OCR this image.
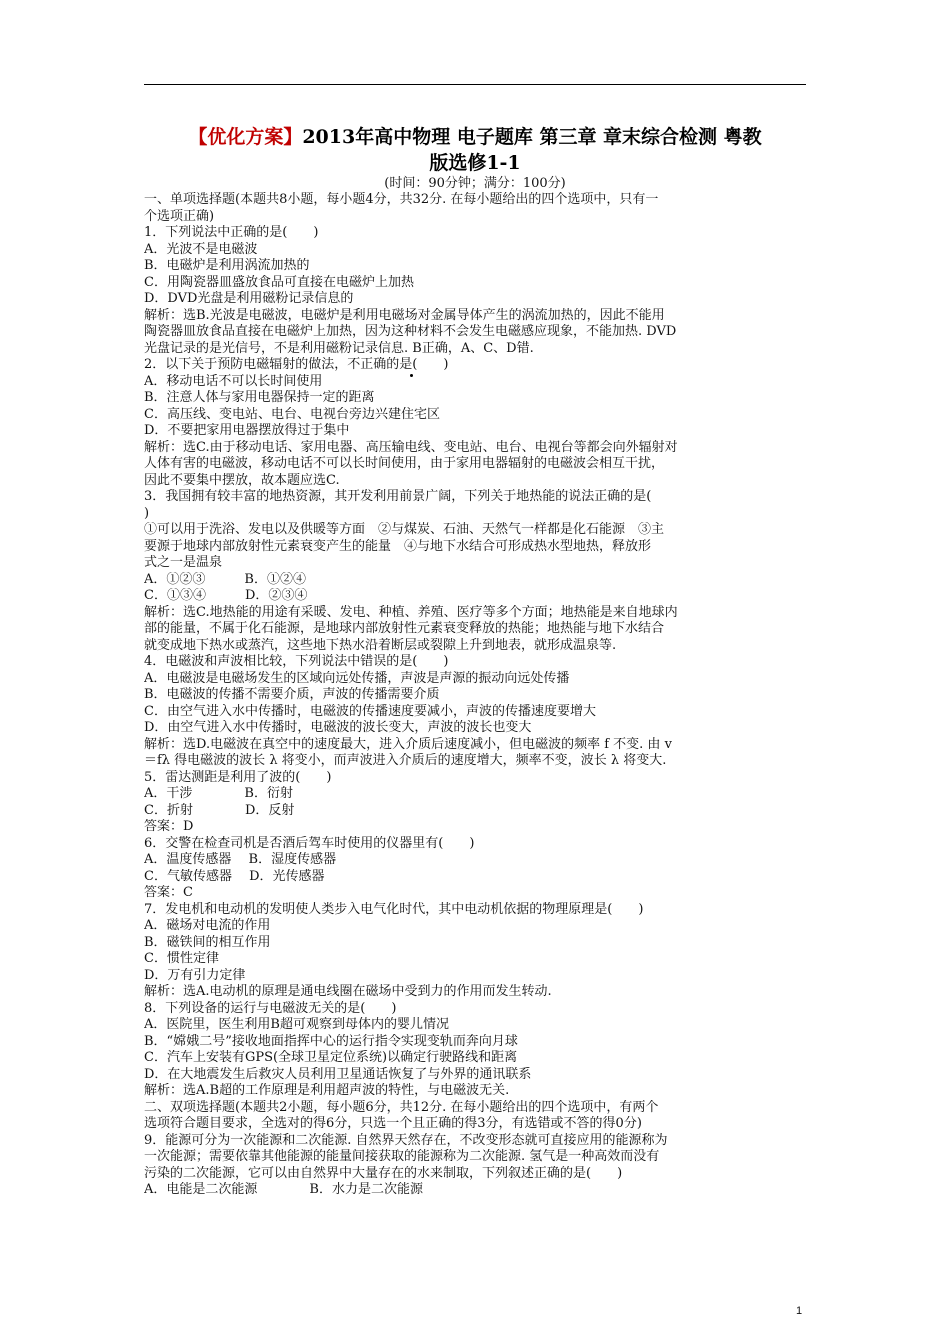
【优化方案】2013年高中物理 电子题库 第三章 章末综合检测 粤教
版选修1-1
(时间：90分钟；满分：100分)
一、单项选择题(本题共8小题，每小题4分，共32分. 在每小题给出的四个选项中，只有一
个选项正确)
1．下列说法中正确的是(　　)
A．光波不是电磁波
B．电磁炉是利用涡流加热的
C．用陶瓷器皿盛放食品可直接在电磁炉上加热
D．DVD光盘是利用磁粉记录信息的
解析：选B.光波是电磁波，电磁炉是利用电磁场对金属导体产生的涡流加热的，因此不能用
陶瓷器皿放食品直接在电磁炉上加热，因为这种材料不会发生电磁感应现象，不能加热. DVD
光盘记录的是光信号，不是利用磁粉记录信息. B正确，A、C、D错.
2．以下关于预防电磁辐射的做法，不正确的是(　　)
A．移动电话不可以长时间使用
B．注意人体与家用电器保持一定的距离
C．高压线、变电站、电台、电视台旁边兴建住宅区
D．不要把家用电器摆放得过于集中
解析：选C.由于移动电话、家用电器、高压输电线、变电站、电台、电视台等都会向外辐射对
人体有害的电磁波，移动电话不可以长时间使用，由于家用电器辐射的电磁波会相互干扰，
因此不要集中摆放，故本题应选C.
3．我国拥有较丰富的地热资源，其开发利用前景广阔，下列关于地热能的说法正确的是(
)
①可以用于洗浴、发电以及供暖等方面　②与煤炭、石油、天然气一样都是化石能源　③主
要源于地球内部放射性元素衰变产生的能量　④与地下水结合可形成热水型地热，释放形
式之一是温泉
A．①②③　　　B．①②④
C．①③④　　　D．②③④
解析：选C.地热能的用途有采暖、发电、种植、养殖、医疗等多个方面；地热能是来自地球内
部的能量，不属于化石能源，是地球内部放射性元素衰变释放的热能；地热能与地下水结合
就变成地下热水或蒸汽，这些地下热水沿着断层或裂隙上升到地表，就形成温泉等.
4．电磁波和声波相比较，下列说法中错误的是(　　)
A．电磁波是电磁场发生的区域向远处传播，声波是声源的振动向远处传播
B．电磁波的传播不需要介质，声波的传播需要介质
C．由空气进入水中传播时，电磁波的传播速度要减小，声波的传播速度要增大
D．由空气进入水中传播时，电磁波的波长变大，声波的波长也变大
解析：选D.电磁波在真空中的速度最大，进入介质后速度减小，但电磁波的频率 f 不变. 由 v
＝fλ 得电磁波的波长 λ 将变小，而声波进入介质后的速度增大，频率不变，波长 λ 将变大.
5．雷达测距是利用了波的(　　)
A．干涉　　　　B．衍射
C．折射　　　　D．反射
答案：D
6．交警在检查司机是否酒后驾车时使用的仪器里有(　　)
A．温度传感器　 B．湿度传感器
C．气敏传感器　 D．光传感器
答案：C
7．发电机和电动机的发明使人类步入电气化时代，其中电动机依据的物理原理是(　　)
A．磁场对电流的作用
B．磁铁间的相互作用
C．惯性定律
D．万有引力定律
解析：选A.电动机的原理是通电线圈在磁场中受到力的作用而发生转动.
8．下列设备的运行与电磁波无关的是(　　)
A．医院里，医生利用B超可观察到母体内的婴儿情况
B．“嫦娥二号”接收地面指挥中心的运行指令实现变轨而奔向月球
C．汽车上安装有GPS(全球卫星定位系统)以确定行驶路线和距离
D．在大地震发生后救灾人员利用卫星通话恢复了与外界的通讯联系
解析：选A.B超的工作原理是利用超声波的特性，与电磁波无关.
二、双项选择题(本题共2小题，每小题6分，共12分. 在每小题给出的四个选项中，有两个
选项符合题目要求，全选对的得6分，只选一个且正确的得3分，有选错或不答的得0分)
9．能源可分为一次能源和二次能源. 自然界天然存在，不改变形态就可直接应用的能源称为
一次能源；需要依靠其他能源的能量间接获取的能源称为二次能源. 氢气是一种高效而没有
污染的二次能源，它可以由自然界中大量存在的水来制取，下列叙述正确的是(　　)
A．电能是二次能源　　　　B．水力是二次能源
1
